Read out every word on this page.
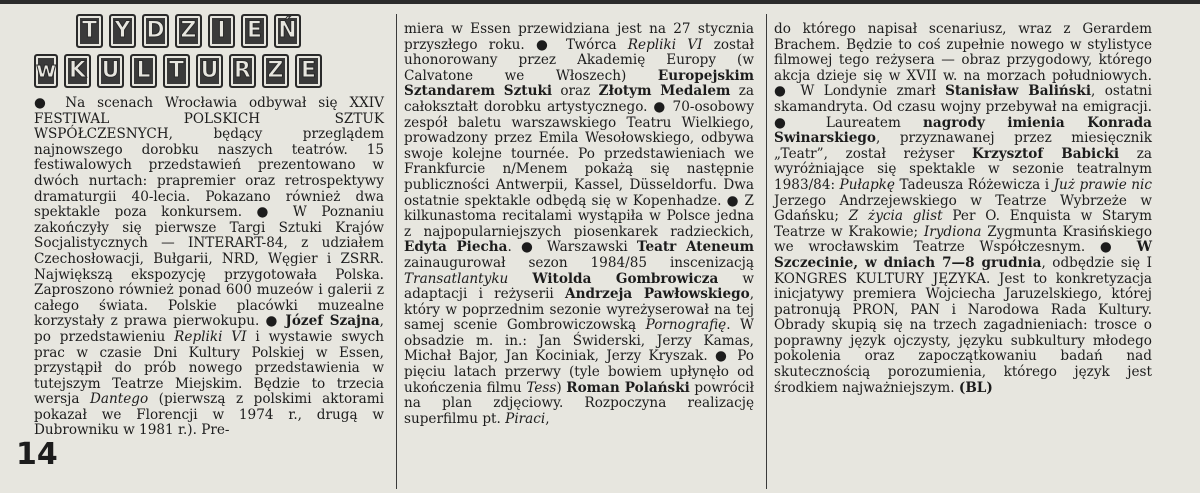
T Y D Z I E Ń
w K U L T U R Z E

● Na scenach Wrocławia odbywał się XXIV FESTIWAL POLSKICH SZTUK WSPÓŁCZESNYCH, będący przeglądem najnowszego dorobku naszych teatrów. 15 festiwalowych przedstawień prezentowano w dwóch nurtach: prapremier oraz retrospektywy dramaturgii 40-lecia. Pokazano również dwa spektakle poza konkursem. ● W Poznaniu zakończyły się pierwsze Targi Sztuki Krajów Socjalistycznych — INTERART-84, z udziałem Czechosłowacji, Bułgarii, NRD, Węgier i ZSRR. Największą ekspozycję przygotowała Polska. Zaproszono również ponad 600 muzeów i galerii z całego świata. Polskie placówki muzealne korzystały z prawa pierwokupu. ● Józef Szajna, po przedstawieniu Repliki VI i wystawie swych prac w czasie Dni Kultury Polskiej w Essen, przystąpił do prób nowego przedstawienia w tutejszym Teatrze Miejskim. Będzie to trzecia wersja Dantego (pierwszą z polskimi aktorami pokazał we Florencji w 1974 r., drugą w Dubrowniku w 1981 r.). Pre-

miera w Essen przewidziana jest na 27 stycznia przyszłego roku. ● Twórca Repliki VI został uhonorowany przez Akademię Europy (w Calvatone we Włoszech) Europejskim Sztandarem Sztuki oraz Złotym Medalem za całokształt dorobku artystycznego. ● 70-osobowy zespół baletu warszawskiego Teatru Wielkiego, prowadzony przez Emila Wesołowskiego, odbywa swoje kolejne tournée. Po przedstawieniach we Frankfurcie n/Menem pokażą się następnie publiczności Antwerpii, Kassel, Düsseldorfu. Dwa ostatnie spektakle odbędą się w Kopenhadze. ● Z kilkunastoma recitalami wystąpiła w Polsce jedna z najpopularniejszych piosenkarek radzieckich, Edyta Piecha. ● Warszawski Teatr Ateneum zainaugurował sezon 1984/85 inscenizacją Transatlantyku Witolda Gombrowicza w adaptacji i reżyserii Andrzeja Pawłowskiego, który w poprzednim sezonie wyreżyserował na tej samej scenie Gombrowiczowską Pornografię. W obsadzie m. in.: Jan Świderski, Jerzy Kamas, Michał Bajor, Jan Kociniak, Jerzy Kryszak. ● Po pięciu latach przerwy (tyle bowiem upłynęło od ukończenia filmu Tess) Roman Polański powrócił na plan zdjęciowy. Rozpoczyna realizację superfilmu pt. Piraci,

do którego napisał scenariusz, wraz z Gerardem Brachem. Będzie to coś zupełnie nowego w stylistyce filmowej tego reżysera — obraz przygodowy, którego akcja dzieje się w XVII w. na morzach południowych. ● W Londynie zmarł Stanisław Baliński, ostatni skamandryta. Od czasu wojny przebywał na emigracji. ● Laureatem nagrody imienia Konrada Swinarskiego, przyznawanej przez miesięcznik „Teatr”, został reżyser Krzysztof Babicki za wyróżniające się spektakle w sezonie teatralnym 1983/84: Pułapkę Tadeusza Różewicza i Już prawie nic Jerzego Andrzejewskiego w Teatrze Wybrzeże w Gdańsku; Z życia glist Per O. Enquista w Starym Teatrze w Krakowie; Irydiona Zygmunta Krasińskiego we wrocławskim Teatrze Współczesnym. ● W Szczecinie, w dniach 7—8 grudnia, odbędzie się I KONGRES KULTURY JĘZYKA. Jest to konkretyzacja inicjatywy premiera Wojciecha Jaruzelskiego, której patronują PRON, PAN i Narodowa Rada Kultury. Obrady skupią się na trzech zagadnieniach: trosce o poprawny język ojczysty, języku subkultury młodego pokolenia oraz zapoczątkowaniu badań nad skutecznością porozumienia, którego język jest środkiem najważniejszym. (BL)

14
